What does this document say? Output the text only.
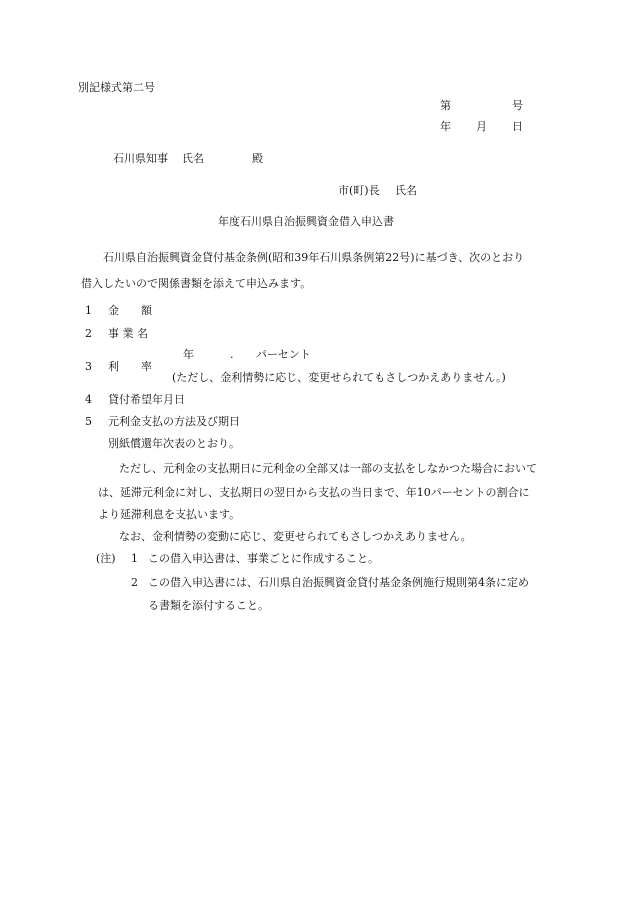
別記様式第二号
第	号
年 月 日
石川県知事 氏名	殿
市(町)長 氏名
年度石川県自治振興資金借入申込書
石川県自治振興資金貸付基金条例(昭和39年石川県条例第22号)に基づき、次のとおり
借入したいので関係書類を添えて申込みます。
1 金　　額
2 事 業 名
年	. パーセント
3 利　　率
(ただし、金利情勢に応じ、変更せられてもさしつかえありません。)
4 貸付希望年月日
5 元利金支払の方法及び期日
別紙償還年次表のとおり。
ただし、元利金の支払期日に元利金の全部又は一部の支払をしなかつた場合において
は、延滞元利金に対し、支払期日の翌日から支払の当日まで、年10パーセントの割合に
より延滞利息を支払います。
なお、金利情勢の変動に応じ、変更せられてもさしつかえありません。
(注) 1 この借入申込書は、事業ごとに作成すること。
2 この借入申込書には、石川県自治振興資金貸付基金条例施行規則第4条に定め
る書類を添付すること。
